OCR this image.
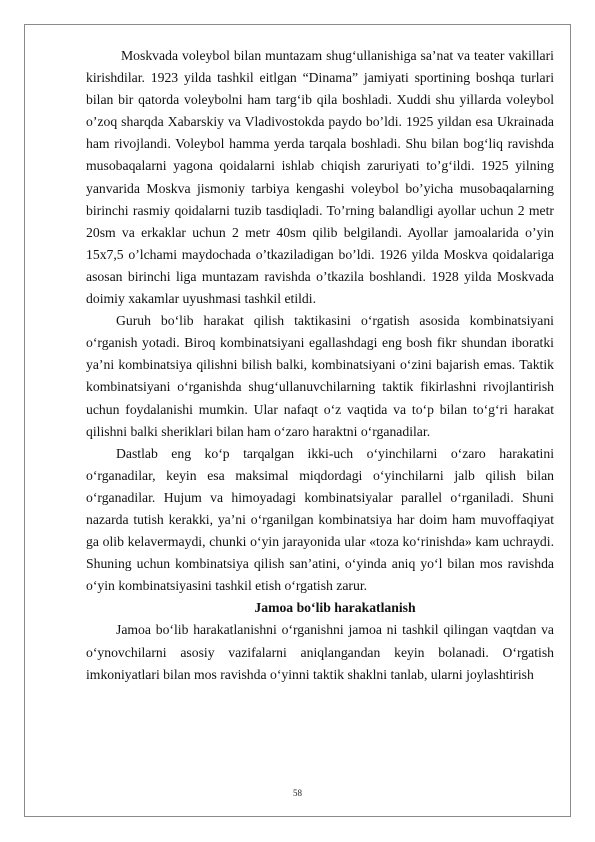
Moskvada voleybol bilan muntazam shug‘ullanishiga sa’nat va teater vakillari kirishdilar. 1923 yilda tashkil eitlgan “Dinama” jamiyati sportining boshqa turlari bilan bir qatorda voleybolni ham targ‘ib qila boshladi. Xuddi shu yillarda voleybol o’zoq sharqda Xabarskiy va Vladivostokda paydo bo’ldi. 1925 yildan esa Ukrainada ham rivojlandi. Voleybol hamma yerda tarqala boshladi. Shu bilan bog‘liq ravishda musobaqalarni yagona qoidalarni ishlab chiqish zaruriyati to’g‘ildi. 1925 yilning yanvarida Moskva jismoniy tarbiya kengashi voleybol bo’yicha musobaqalarning birinchi rasmiy qoidalarni tuzib tasdiqladi. To’rning balandligi ayollar uchun 2 metr 20sm va erkaklar uchun 2 metr 40sm qilib belgilandi. Ayollar jamoalarida o’yin 15x7,5 o’lchami maydochada o’tkaziladigan bo’ldi. 1926 yilda Moskva qoidalariga asosan birinchi liga muntazam ravishda o’tkazila boshlandi. 1928 yilda Moskvada doimiy xakamlar uyushmasi tashkil etildi.

Guruh bo‘lib harakat qilish taktikasini o‘rgatish asosida kombinatsiyani o‘rganish yotadi. Biroq kombinatsiyani egallashdagi eng bosh fikr shundan iboratki ya’ni kombinatsiya qilishni bilish balki, kombinatsiyani o‘zini bajarish emas. Taktik kombinatsiyani o‘rganishda shug‘ullanuvchilarning taktik fikirlashni rivojlantirish uchun foydalanishi mumkin. Ular nafaqt o‘z vaqtida va to‘p bilan to‘g‘ri harakat qilishni balki sheriklari bilan ham o‘zaro haraktni o‘rganadilar.

Dastlab eng ko‘p tarqalgan ikki-uch o‘yinchilarni o‘zaro harakatini o‘rganadilar, keyin esa maksimal miqdordagi o‘yinchilarni jalb qilish bilan o‘rganadilar. Hujum va himoyadagi kombinatsiyalar parallel o‘rganiladi. Shuni nazarda tutish kerakki, ya’ni o‘rganilgan kombinatsiya har doim ham muvoffaqiyat ga olib kelavermaydi, chunki o‘yin jarayonida ular «toza ko‘rinishda» kam uchraydi. Shuning uchun kombinatsiya qilish san’atini, o‘yinda aniq yo‘l bilan mos ravishda o‘yin kombinatsiyasini tashkil etish o‘rgatish zarur.

Jamoa bo‘lib harakatlanish

Jamoa bo‘lib harakatlanishni o‘rganishni jamoa ni tashkil qilingan vaqtdan va o‘ynovchilarni asosiy vazifalarni aniqlangandan keyin bolanadi. O‘rgatish imkoniyatlari bilan mos ravishda o‘yinni taktik shaklni tanlab, ularni joylashtirish

58
